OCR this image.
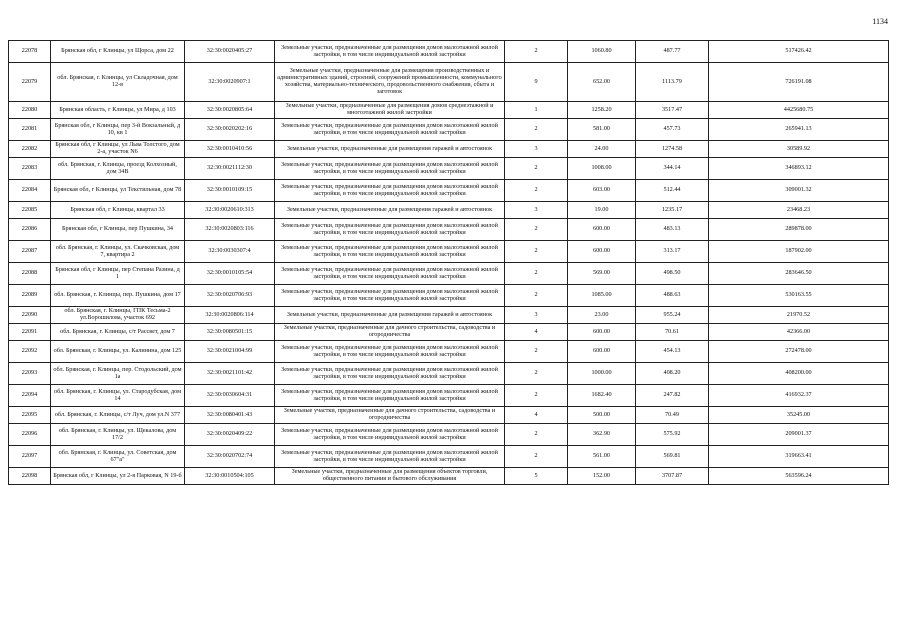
1134
22078	Брянская обл, г Клинцы, ул Щорса, дом 22	32:30:0020405:27	Земельные участки, предназначенные для размещения домов малоэтажной жилой застройки, в том числе индивидуальной жилой застройки	2	1060.80	487.77	517426.42
22079	обл. Брянская, г. Клинцы, ул Складочная, дом 12-в	32:30:0020907:1	Земельные участки, предназначенные для размещения производственных и административных зданий, строений, сооружений промышленности, коммунального хозяйства, материально-технического, продовольственного снабжения, сбыта и заготовок	9	652.00	1113.79	726191.08
22080	Брянская область, г Клинцы, ул Мира, д 103	32:30:0020805:64	Земельные участки, предназначенные для размещения домов среднеэтажной и многоэтажной жилой застройки	1	1258.20	3517.47	4425680.75
22081	Брянская обл, г Клинцы, пер 3-й Вокзальный, д 10, кв 1	32:30:0020202:16	Земельные участки, предназначенные для размещения домов малоэтажной жилой застройки, в том числе индивидуальной жилой застройки	2	581.00	457.73	265941.13
22082	Брянская обл, г Клинцы, ул Льва Толстого, дом 2-а, участок N6	32:30:0010410:56	Земельные участки, предназначенные для размещения гаражей и автостоянок	3	24.00	1274.58	30589.92
22083	обл. Брянская, г. Клинцы, проезд Колхозный, дом 34В	32:30:0021112:30	Земельные участки, предназначенные для размещения домов малоэтажной жилой застройки, в том числе индивидуальной жилой застройки	2	1008.00	344.14	346893.12
22084	Брянская обл, г Клинцы, ул Текстильная, дом 78	32:30:0010109:15	Земельные участки, предназначенные для размещения домов малоэтажной жилой застройки, в том числе индивидуальной жилой застройки	2	603.00	512.44	309001.32
22085	Брянская обл, г Клинцы, квартал 33	32:30:0020610:313	Земельные участки, предназначенные для размещения гаражей и автостоянок	3	19.00	1235.17	23468.23
22086	Брянская обл, г Клинцы, пер Пушкина, 34	32:30:0020803:116	Земельные участки, предназначенные для размещения домов малоэтажной жилой застройки, в том числе индивидуальной жилой застройки	2	600.00	483.13	289878.00
22087	обл. Брянская, г. Клинцы, ул. Скачковская, дом 7, квартира 2	32:30:0030307:4	Земельные участки, предназначенные для размещения домов малоэтажной жилой застройки, в том числе индивидуальной жилой застройки	2	600.00	313.17	187902.00
22088	Брянская обл, г Клинцы, пер Степана Разина, д 1	32:30:0010105:54	Земельные участки, предназначенные для размещения домов малоэтажной жилой застройки, в том числе индивидуальной жилой застройки	2	569.00	498.50	283646.50
22089	обл. Брянская, г. Клинцы, пер. Пушкина, дом 17	32:30:0020706:93	Земельные участки, предназначенные для размещения домов малоэтажной жилой застройки, в том числе индивидуальной жилой застройки	2	1085.00	488.63	530163.55
22090	обл. Брянская, г. Клинцы, ГПК Тесьма-2 ул.Ворошилова, участок 692	32:30:0020806:114	Земельные участки, предназначенные для размещения гаражей и автостоянок	3	23.00	955.24	21970.52
22091	обл. Брянская, г. Клинцы, с/т Рассвет, дом 7	32:30:0080501:15	Земельные участки, предназначенные для дачного строительства, садоводства и огородничества	4	600.00	70.61	42366.00
22092	обл. Брянская, г. Клинцы, ул. Калинина, дом 125	32:30:0021004:99	Земельные участки, предназначенные для размещения домов малоэтажной жилой застройки, в том числе индивидуальной жилой застройки	2	600.00	454.13	272478.00
22093	обл. Брянская, г. Клинцы, пер. Стодольский, дом 1а	32:30:0021101:42	Земельные участки, предназначенные для размещения домов малоэтажной жилой застройки, в том числе индивидуальной жилой застройки	2	1000.00	408.20	408200.00
22094	обл. Брянская, г. Клинцы, ул. Стародубская, дом 14	32:30:0030604:31	Земельные участки, предназначенные для размещения домов малоэтажной жилой застройки, в том числе индивидуальной жилой застройки	2	1682.40	247.82	416932.37
22095	обл. Брянская, г. Клинцы, с/т Луч, дом ул.N 377	32:30:0080401:43	Земельные участки, предназначенные для дачного строительства, садоводства и огородничества	4	500.00	70.49	35245.00
22096	обл. Брянская, г. Клинцы, ул. Щекалова, дом 17/2	32:30:0020409:22	Земельные участки, предназначенные для размещения домов малоэтажной жилой застройки, в том числе индивидуальной жилой застройки	2	362.90	575.92	209001.37
22097	обл. Брянская, г. Клинцы, ул. Советская, дом 67"а"	32:30:0020702:74	Земельные участки, предназначенные для размещения домов малоэтажной жилой застройки, в том числе индивидуальной жилой застройки	2	561.00	569.81	319663.41
22098	Брянская обл, г Клинцы, ул 2-я Парковая, N 19-б	32:30:0010504:105	Земельные участки, предназначенные для размещения объектов торговли, общественного питания и бытового обслуживания	5	152.00	3707.87	563596.24
